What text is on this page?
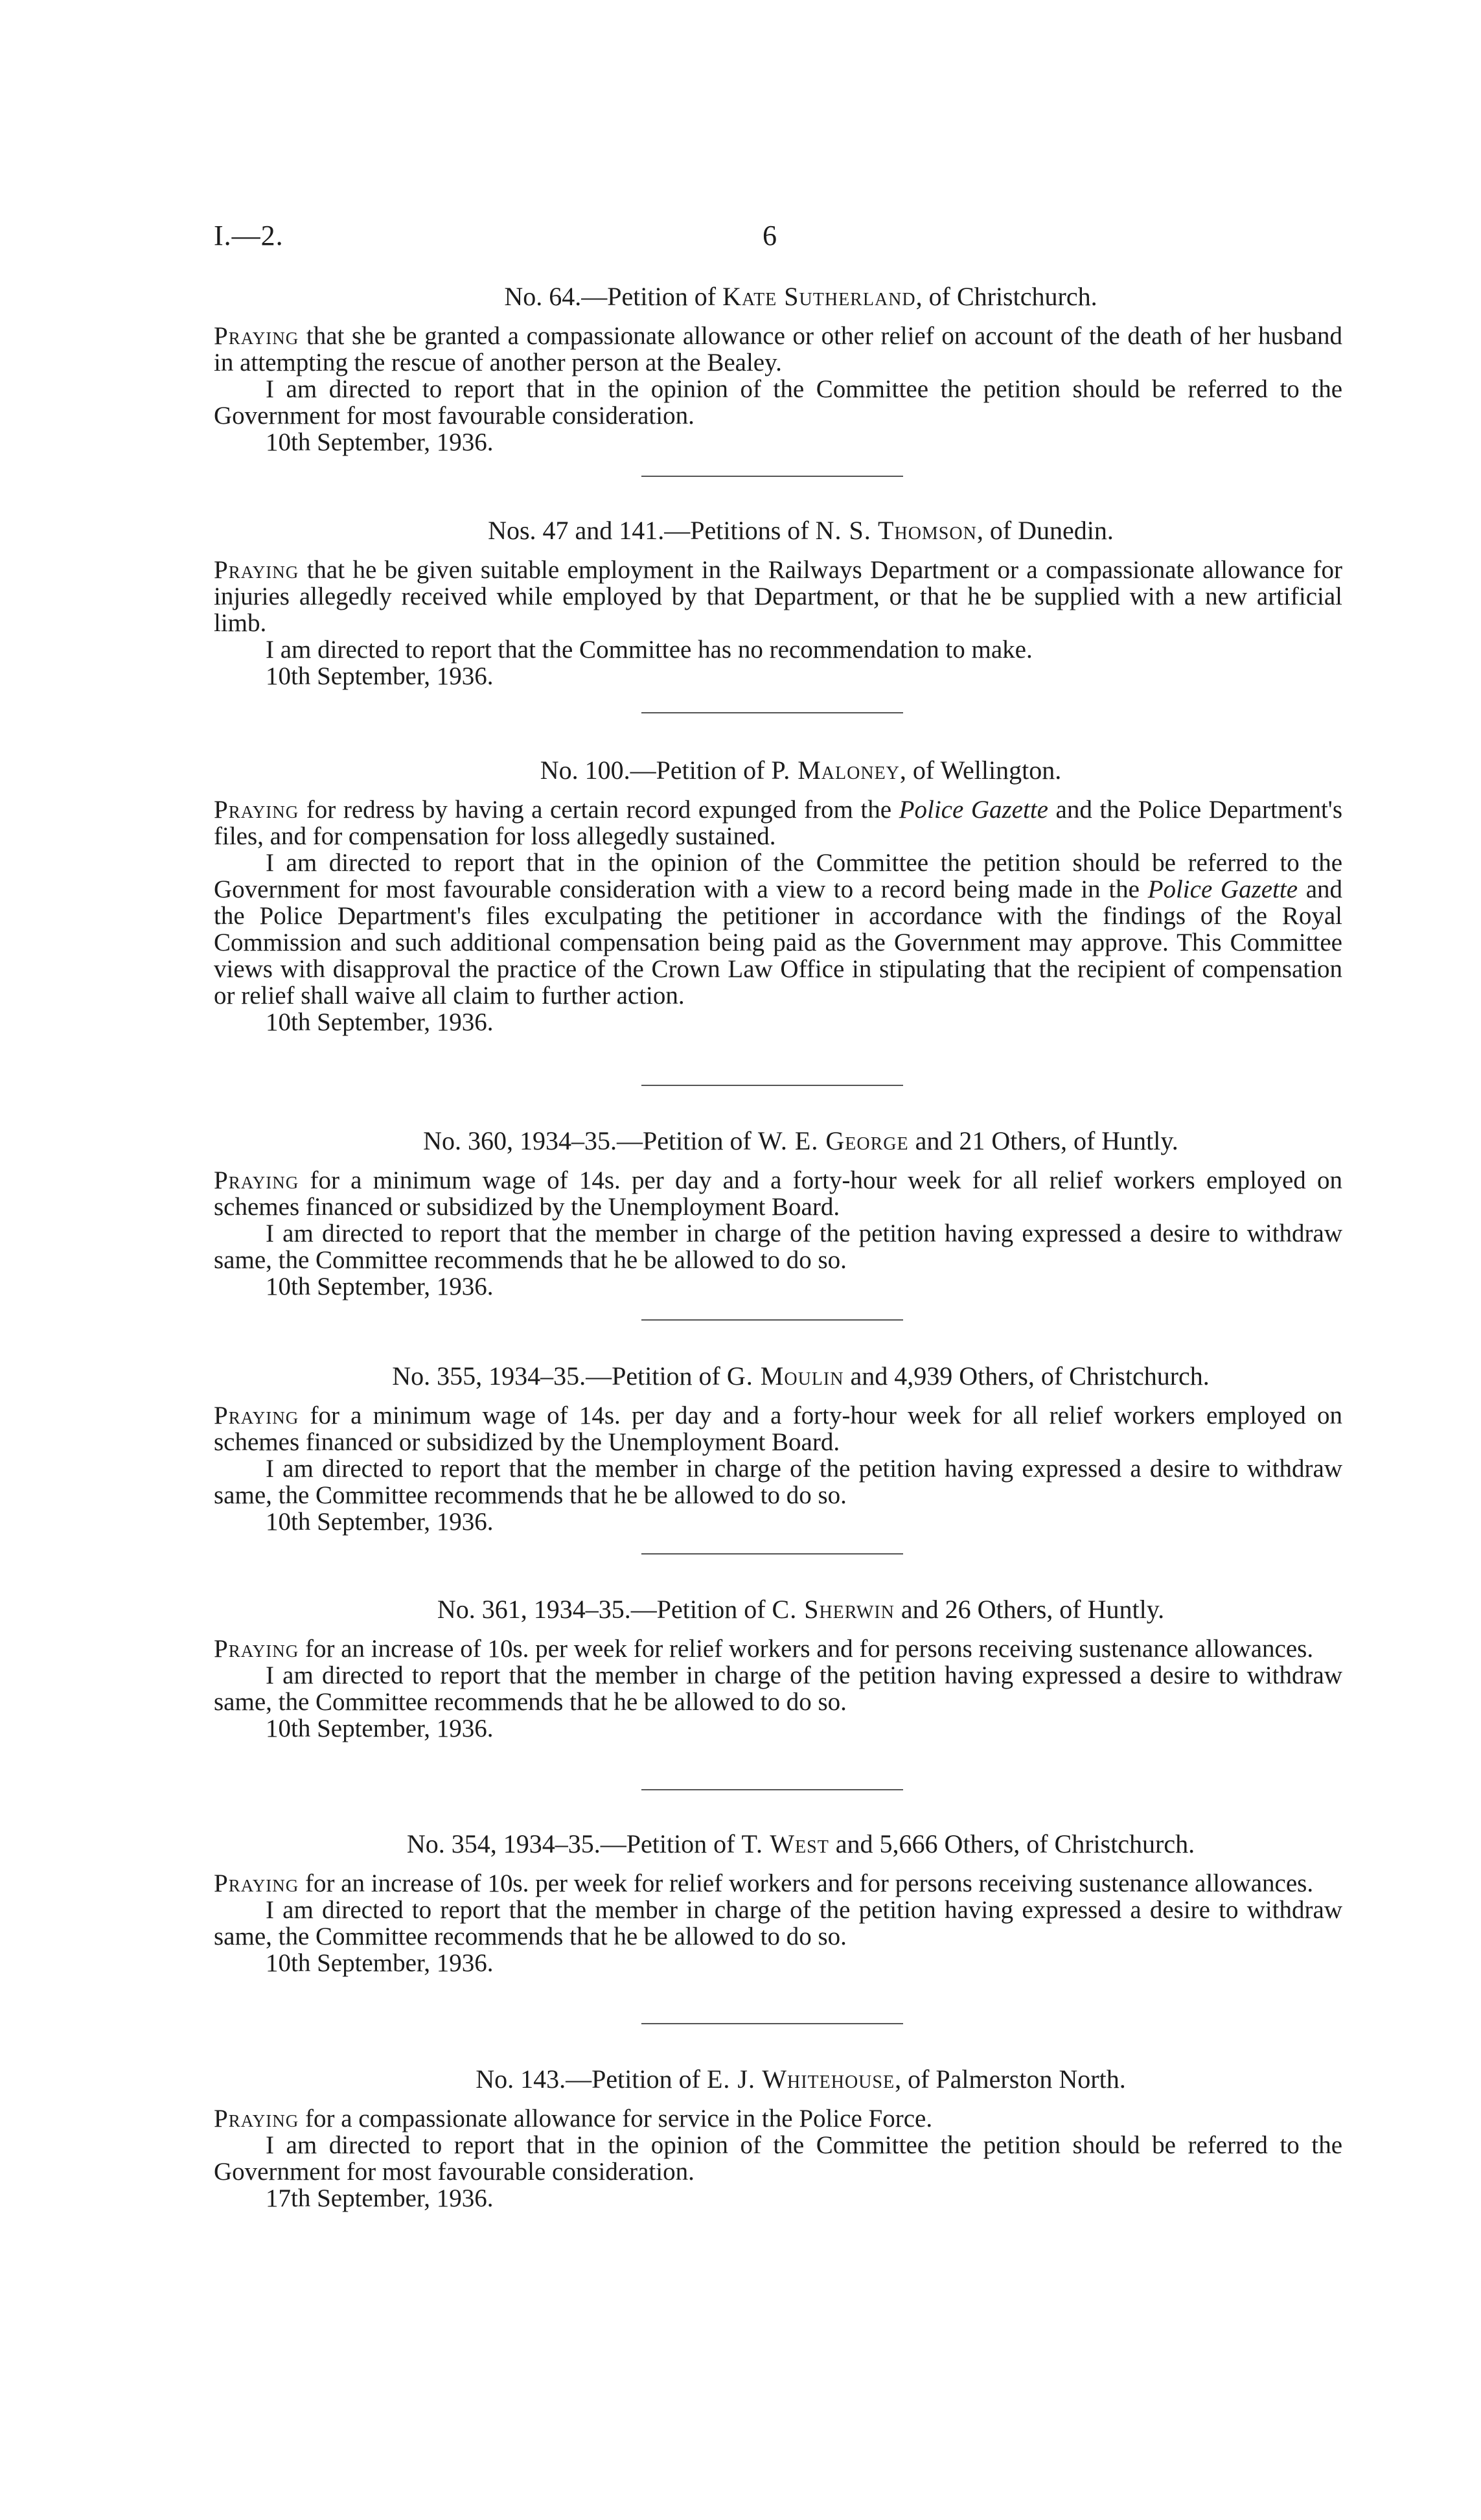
I.—2.	6
No. 64.—Petition of Kate Sutherland, of Christchurch.

Praying that she be granted a compassionate allowance or other relief on account of the death of her husband in attempting the rescue of another person at the Bealey.

I am directed to report that in the opinion of the Committee the petition should be referred to the Government for most favourable consideration.

10th September, 1936.

Nos. 47 and 141.—Petitions of N. S. Thomson, of Dunedin.

Praying that he be given suitable employment in the Railways Department or a compassionate allowance for injuries allegedly received while employed by that Department, or that he be supplied with a new artificial limb.

I am directed to report that the Committee has no recommendation to make.

10th September, 1936.

No. 100.—Petition of P. Maloney, of Wellington.

Praying for redress by having a certain record expunged from the Police Gazette and the Police Department's files, and for compensation for loss allegedly sustained.

I am directed to report that in the opinion of the Committee the petition should be referred to the Government for most favourable consideration with a view to a record being made in the Police Gazette and the Police Department's files exculpating the petitioner in accordance with the findings of the Royal Commission and such additional compensation being paid as the Government may approve. This Committee views with disapproval the practice of the Crown Law Office in stipulating that the recipient of compensation or relief shall waive all claim to further action.

10th September, 1936.

No. 360, 1934–35.—Petition of W. E. George and 21 Others, of Huntly.

Praying for a minimum wage of 14s. per day and a forty-hour week for all relief workers employed on schemes financed or subsidized by the Unemployment Board.

I am directed to report that the member in charge of the petition having expressed a desire to withdraw same, the Committee recommends that he be allowed to do so.

10th September, 1936.

No. 355, 1934–35.—Petition of G. Moulin and 4,939 Others, of Christchurch.

Praying for a minimum wage of 14s. per day and a forty-hour week for all relief workers employed on schemes financed or subsidized by the Unemployment Board.

I am directed to report that the member in charge of the petition having expressed a desire to withdraw same, the Committee recommends that he be allowed to do so.

10th September, 1936.

No. 361, 1934–35.—Petition of C. Sherwin and 26 Others, of Huntly.

Praying for an increase of 10s. per week for relief workers and for persons receiving sustenance allowances.

I am directed to report that the member in charge of the petition having expressed a desire to withdraw same, the Committee recommends that he be allowed to do so.

10th September, 1936.

No. 354, 1934–35.—Petition of T. West and 5,666 Others, of Christchurch.

Praying for an increase of 10s. per week for relief workers and for persons receiving sustenance allowances.

I am directed to report that the member in charge of the petition having expressed a desire to withdraw same, the Committee recommends that he be allowed to do so.

10th September, 1936.

No. 143.—Petition of E. J. Whitehouse, of Palmerston North.

Praying for a compassionate allowance for service in the Police Force.

I am directed to report that in the opinion of the Committee the petition should be referred to the Government for most favourable consideration.

17th September, 1936.
